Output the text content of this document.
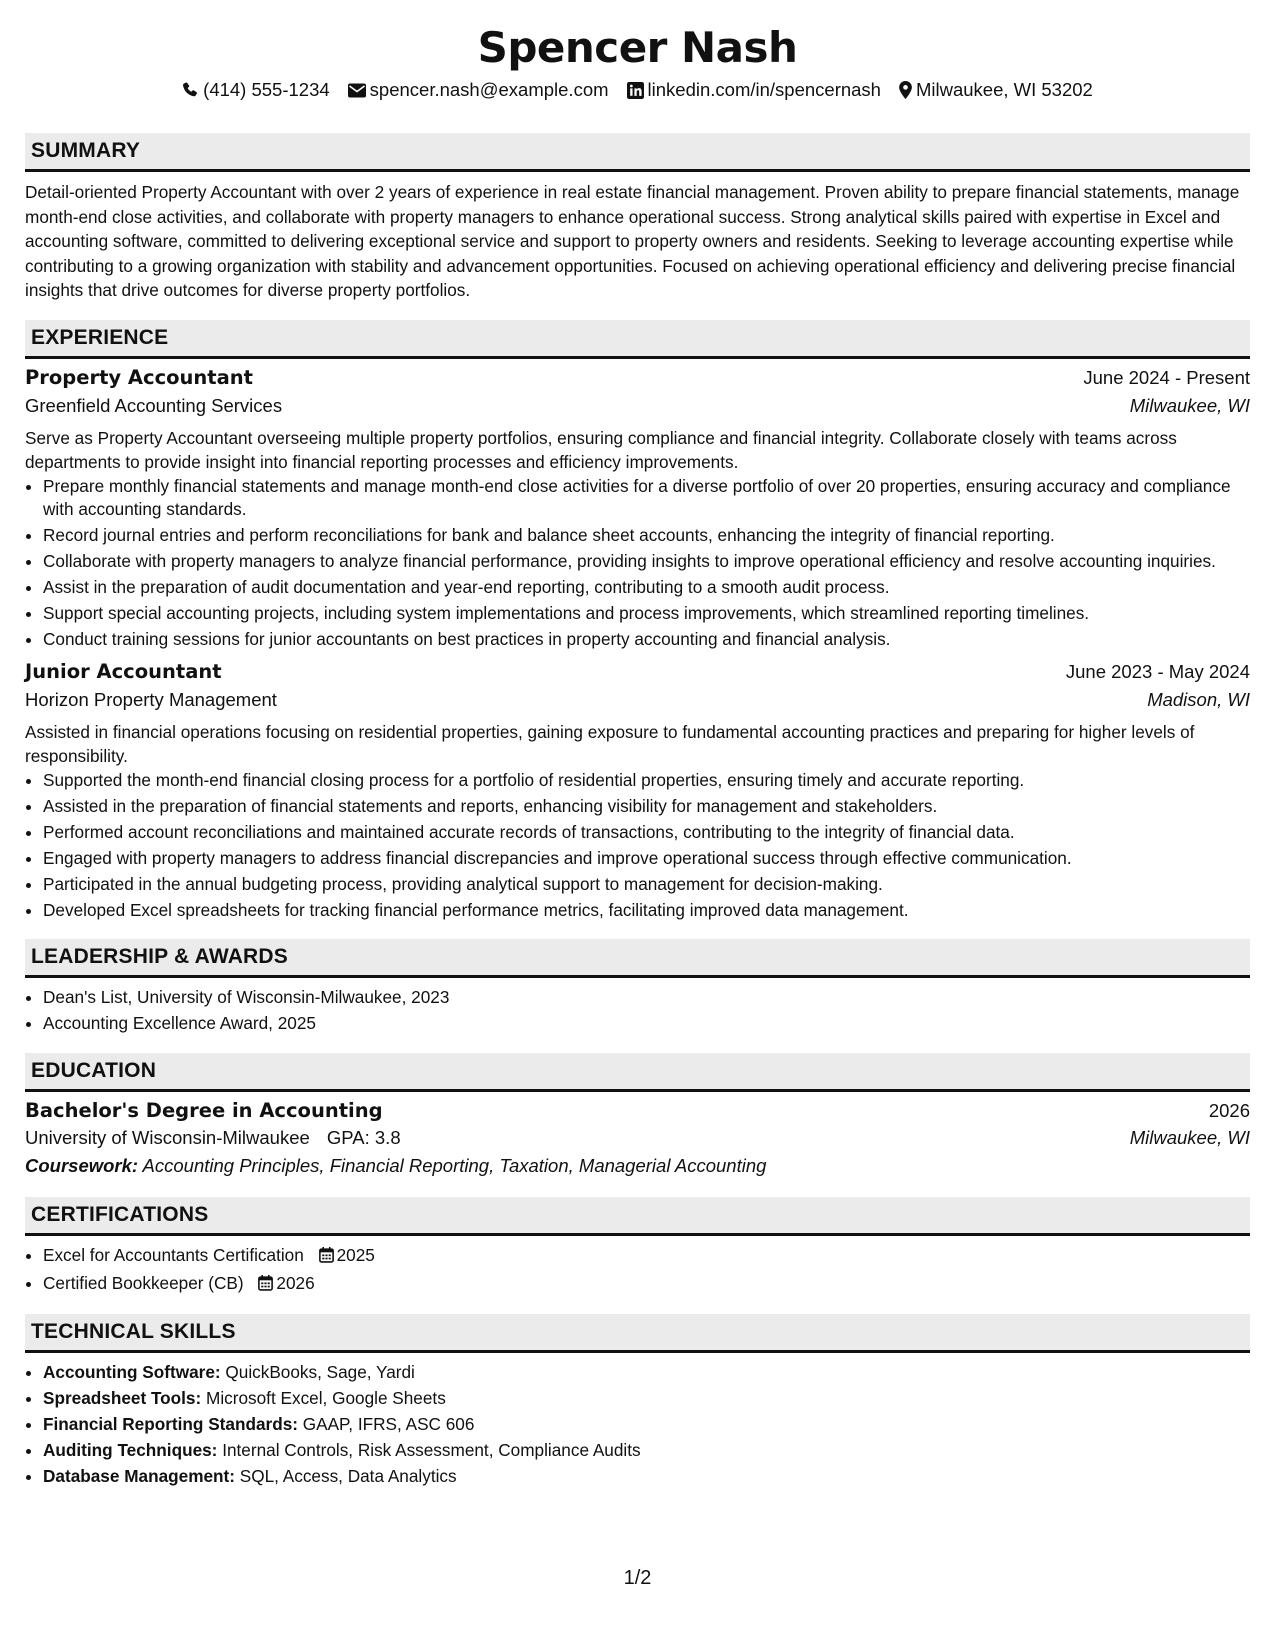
Spencer Nash
(414) 555-1234 spencer.nash@example.com linkedin.com/in/spencernash Milwaukee, WI 53202
SUMMARY

Detail-oriented Property Accountant with over 2 years of experience in real estate financial management. Proven ability to prepare financial statements, manage month-end close activities, and collaborate with property managers to enhance operational success. Strong analytical skills paired with expertise in Excel and accounting software, committed to delivering exceptional service and support to property owners and residents. Seeking to leverage accounting expertise while contributing to a growing organization with stability and advancement opportunities. Focused on achieving operational efficiency and delivering precise financial insights that drive outcomes for diverse property portfolios.

EXPERIENCE
Property Accountant	June 2024 - Present
Greenfield Accounting Services	Milwaukee, WI

Serve as Property Accountant overseeing multiple property portfolios, ensuring compliance and financial integrity. Collaborate closely with teams across departments to provide insight into financial reporting processes and efficiency improvements.

• Prepare monthly financial statements and manage month-end close activities for a diverse portfolio of over 20 properties, ensuring accuracy and compliance with accounting standards.
• Record journal entries and perform reconciliations for bank and balance sheet accounts, enhancing the integrity of financial reporting.
• Collaborate with property managers to analyze financial performance, providing insights to improve operational efficiency and resolve accounting inquiries.
• Assist in the preparation of audit documentation and year-end reporting, contributing to a smooth audit process.
• Support special accounting projects, including system implementations and process improvements, which streamlined reporting timelines.
• Conduct training sessions for junior accountants on best practices in property accounting and financial analysis.
Junior Accountant	June 2023 - May 2024
Horizon Property Management	Madison, WI

Assisted in financial operations focusing on residential properties, gaining exposure to fundamental accounting practices and preparing for higher levels of responsibility.

• Supported the month-end financial closing process for a portfolio of residential properties, ensuring timely and accurate reporting.
• Assisted in the preparation of financial statements and reports, enhancing visibility for management and stakeholders.
• Performed account reconciliations and maintained accurate records of transactions, contributing to the integrity of financial data.
• Engaged with property managers to address financial discrepancies and improve operational success through effective communication.
• Participated in the annual budgeting process, providing analytical support to management for decision-making.
• Developed Excel spreadsheets for tracking financial performance metrics, facilitating improved data management.
LEADERSHIP & AWARDS
• Dean's List, University of Wisconsin-Milwaukee, 2023
• Accounting Excellence Award, 2025
EDUCATION
Bachelor's Degree in Accounting	2026
University of Wisconsin-Milwaukee GPA: 3.8	Milwaukee, WI
Coursework: Accounting Principles, Financial Reporting, Taxation, Managerial Accounting
CERTIFICATIONS
• Excel for Accountants Certification 2025
• Certified Bookkeeper (CB) 2026
TECHNICAL SKILLS
• Accounting Software: QuickBooks, Sage, Yardi
• Spreadsheet Tools: Microsoft Excel, Google Sheets
• Financial Reporting Standards: GAAP, IFRS, ASC 606
• Auditing Techniques: Internal Controls, Risk Assessment, Compliance Audits
• Database Management: SQL, Access, Data Analytics
1/2
